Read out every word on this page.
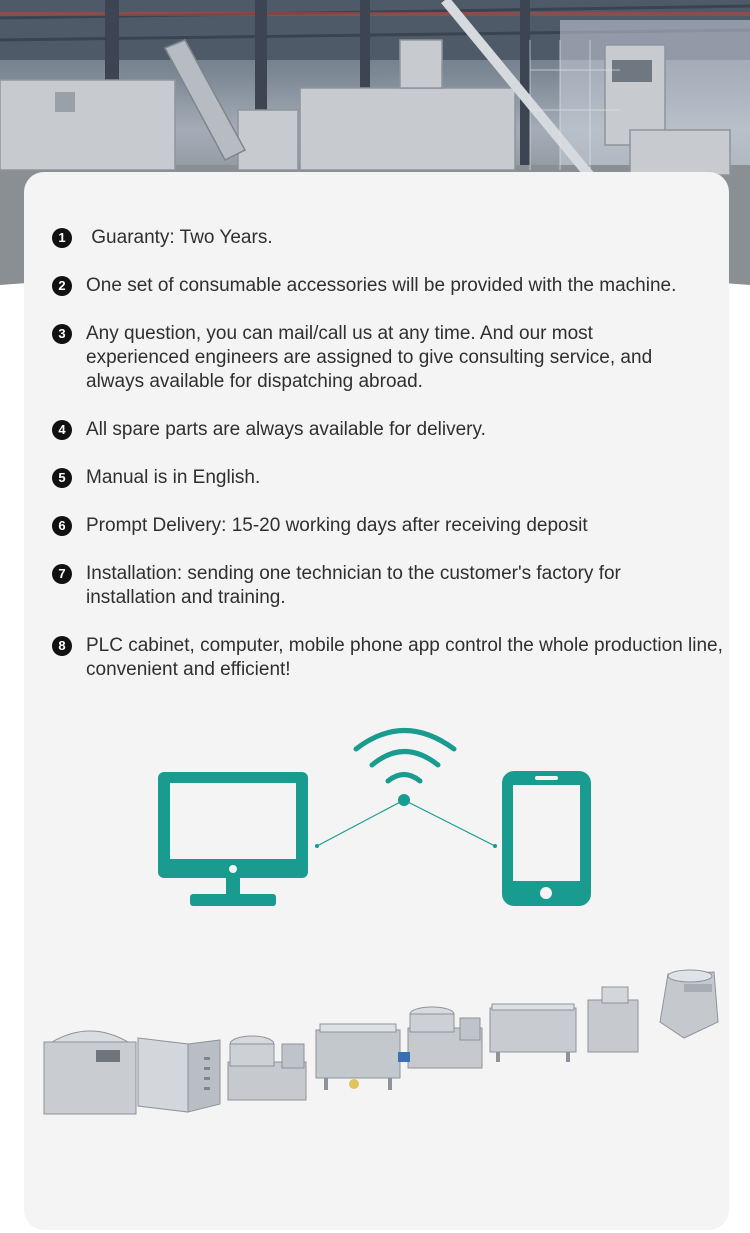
1	Guaranty: Two Years.
2	One set of consumable accessories will be provided with the machine.
3	Any question, you can mail/call us at any time. And our most experienced engineers are assigned to give consulting service, and always available for dispatching abroad.
4	All spare parts are always available for delivery.
5	Manual is in English.
6	Prompt Delivery: 15-20 working days after receiving deposit
7	Installation: sending one technician to the customer's factory for installation and training.
8	PLC cabinet, computer, mobile phone app control the whole production line, convenient and efficient!
